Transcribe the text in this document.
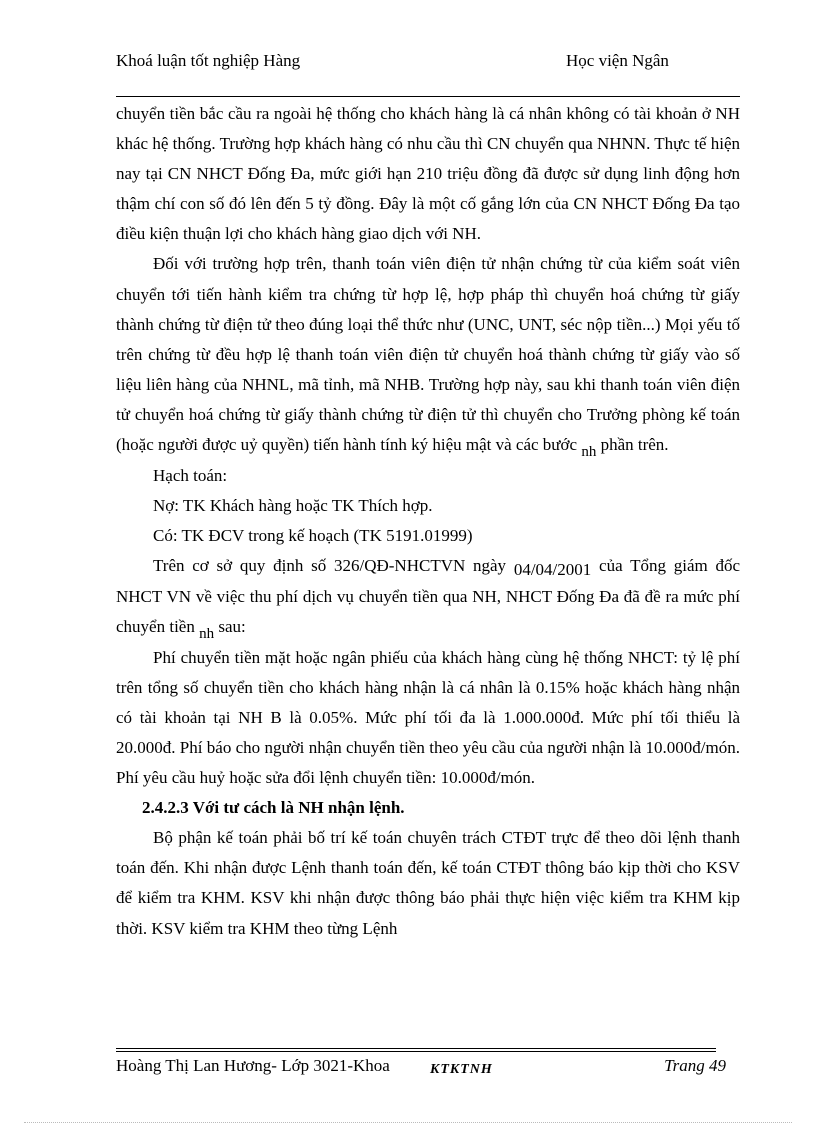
Khoá luận tốt nghiệp Hàng	Học viện Ngân

chuyển tiền bắc cầu ra ngoài hệ thống cho khách hàng là cá nhân không có tài khoản ở NH khác hệ thống. Trường hợp khách hàng có nhu cầu thì CN chuyển qua NHNN. Thực tế hiện nay tại CN NHCT Đống Đa, mức giới hạn 210 triệu đồng đã được sử dụng linh động hơn thậm chí con số đó lên đến 5 tỷ đồng. Đây là một cố gắng lớn của CN NHCT Đống Đa tạo điều kiện thuận lợi cho khách hàng giao dịch với NH.

Đối với trường hợp trên, thanh toán viên điện tử nhận chứng từ của kiểm soát viên chuyển tới tiến hành kiểm tra chứng từ hợp lệ, hợp pháp thì chuyển hoá chứng từ giấy thành chứng từ điện tử theo đúng loại thể thức như (UNC, UNT, séc nộp tiền...) Mọi yếu tố trên chứng từ đều hợp lệ thanh toán viên điện tử chuyển hoá thành chứng từ giấy vào số liệu liên hàng của NHNL, mã tỉnh, mã NHB. Trường hợp này, sau khi thanh toán viên điện tử chuyển hoá chứng từ giấy thành chứng từ điện tử thì chuyển cho Trưởng phòng kế toán (hoặc người được uỷ quyền) tiến hành tính ký hiệu mật và các bước nh phần trên.

Hạch toán:

Nợ: TK Khách hàng hoặc TK Thích hợp.

Có: TK ĐCV trong kế hoạch (TK 5191.01999)

Trên cơ sở quy định số 326/QĐ-NHCTVN ngày 04/04/2001 của Tổng giám đốc NHCT VN về việc thu phí dịch vụ chuyển tiền qua NH, NHCT Đống Đa đã đề ra mức phí chuyển tiền nh sau:

Phí chuyển tiền mặt hoặc ngân phiếu của khách hàng cùng hệ thống NHCT: tỷ lệ phí trên tổng số chuyển tiền cho khách hàng nhận là cá nhân là 0.15% hoặc khách hàng nhận có tài khoản tại NH B là 0.05%. Mức phí tối đa là 1.000.000đ. Mức phí tối thiểu là 20.000đ. Phí báo cho người nhận chuyển tiền theo yêu cầu của người nhận là 10.000đ/món. Phí yêu cầu huỷ hoặc sửa đổi lệnh chuyển tiền: 10.000đ/món.

2.4.2.3 Với tư cách là NH nhận lệnh.

Bộ phận kế toán phải bố trí kế toán chuyên trách CTĐT trực để theo dõi lệnh thanh toán đến. Khi nhận được Lệnh thanh toán đến, kế toán CTĐT thông báo kịp thời cho KSV để kiểm tra KHM. KSV khi nhận được thông báo phải thực hiện việc kiểm tra KHM kịp thời. KSV kiểm tra KHM theo từng Lệnh

Hoàng Thị Lan Hương- Lớp 3021-Khoa	KTKTNH	Trang 49
